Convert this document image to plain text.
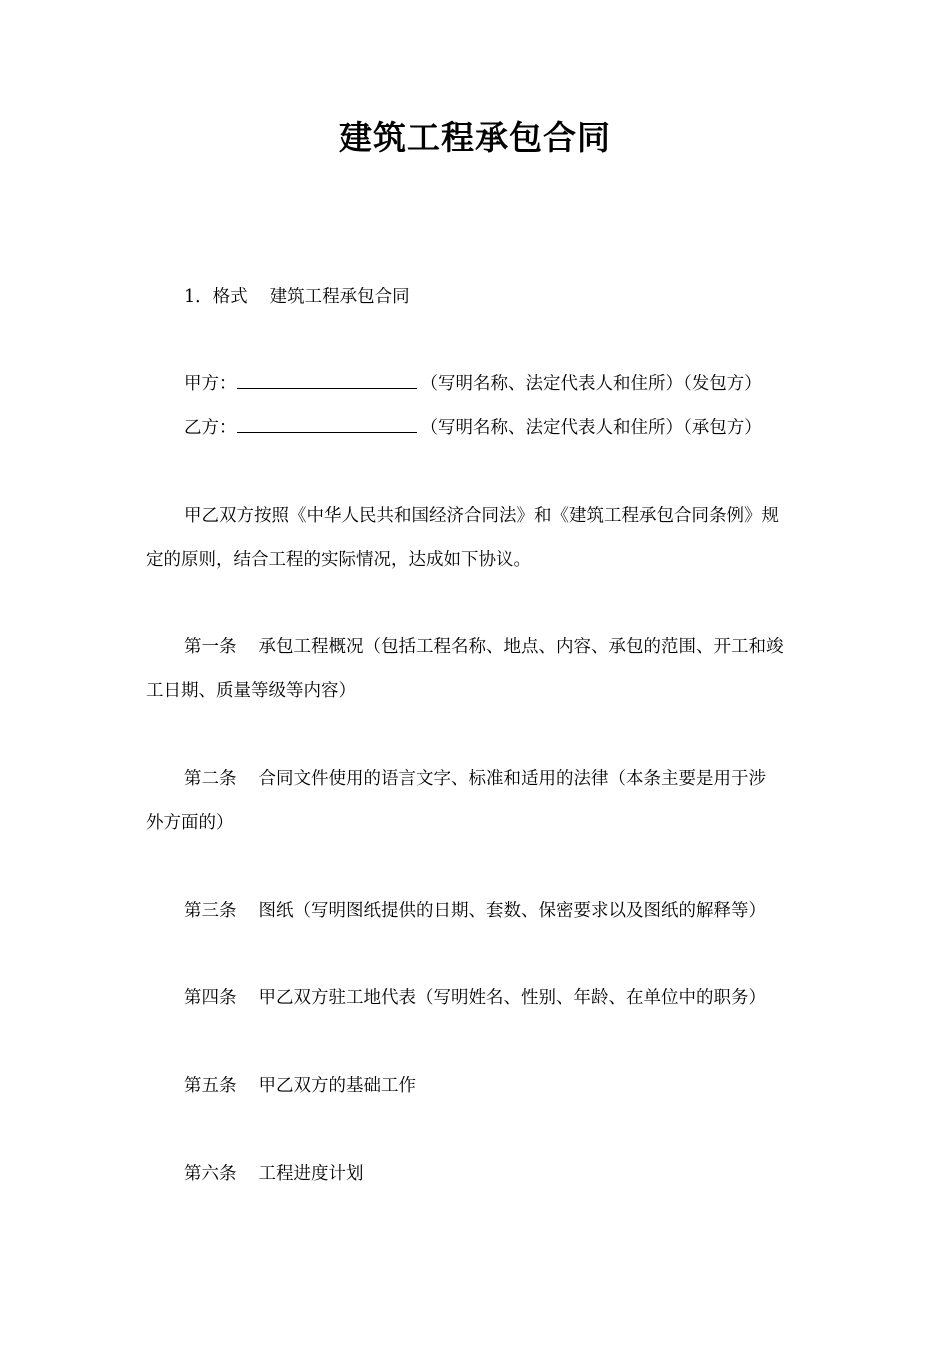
建筑工程承包合同
1．格式 建筑工程承包合同
甲方：	（写明名称、法定代表人和住所）（发包方）
乙方：	（写明名称、法定代表人和住所）（承包方）
甲乙双方按照《中华人民共和国经济合同法》和《建筑工程承包合同条例》规
定的原则，结合工程的实际情况，达成如下协议。
第一条 承包工程概况（包括工程名称、地点、内容、承包的范围、开工和竣
工日期、质量等级等内容）
第二条 合同文件使用的语言文字、标准和适用的法律（本条主要是用于涉
外方面的）
第三条 图纸（写明图纸提供的日期、套数、保密要求以及图纸的解释等）
第四条 甲乙双方驻工地代表（写明姓名、性别、年龄、在单位中的职务）
第五条 甲乙双方的基础工作
第六条 工程进度计划
